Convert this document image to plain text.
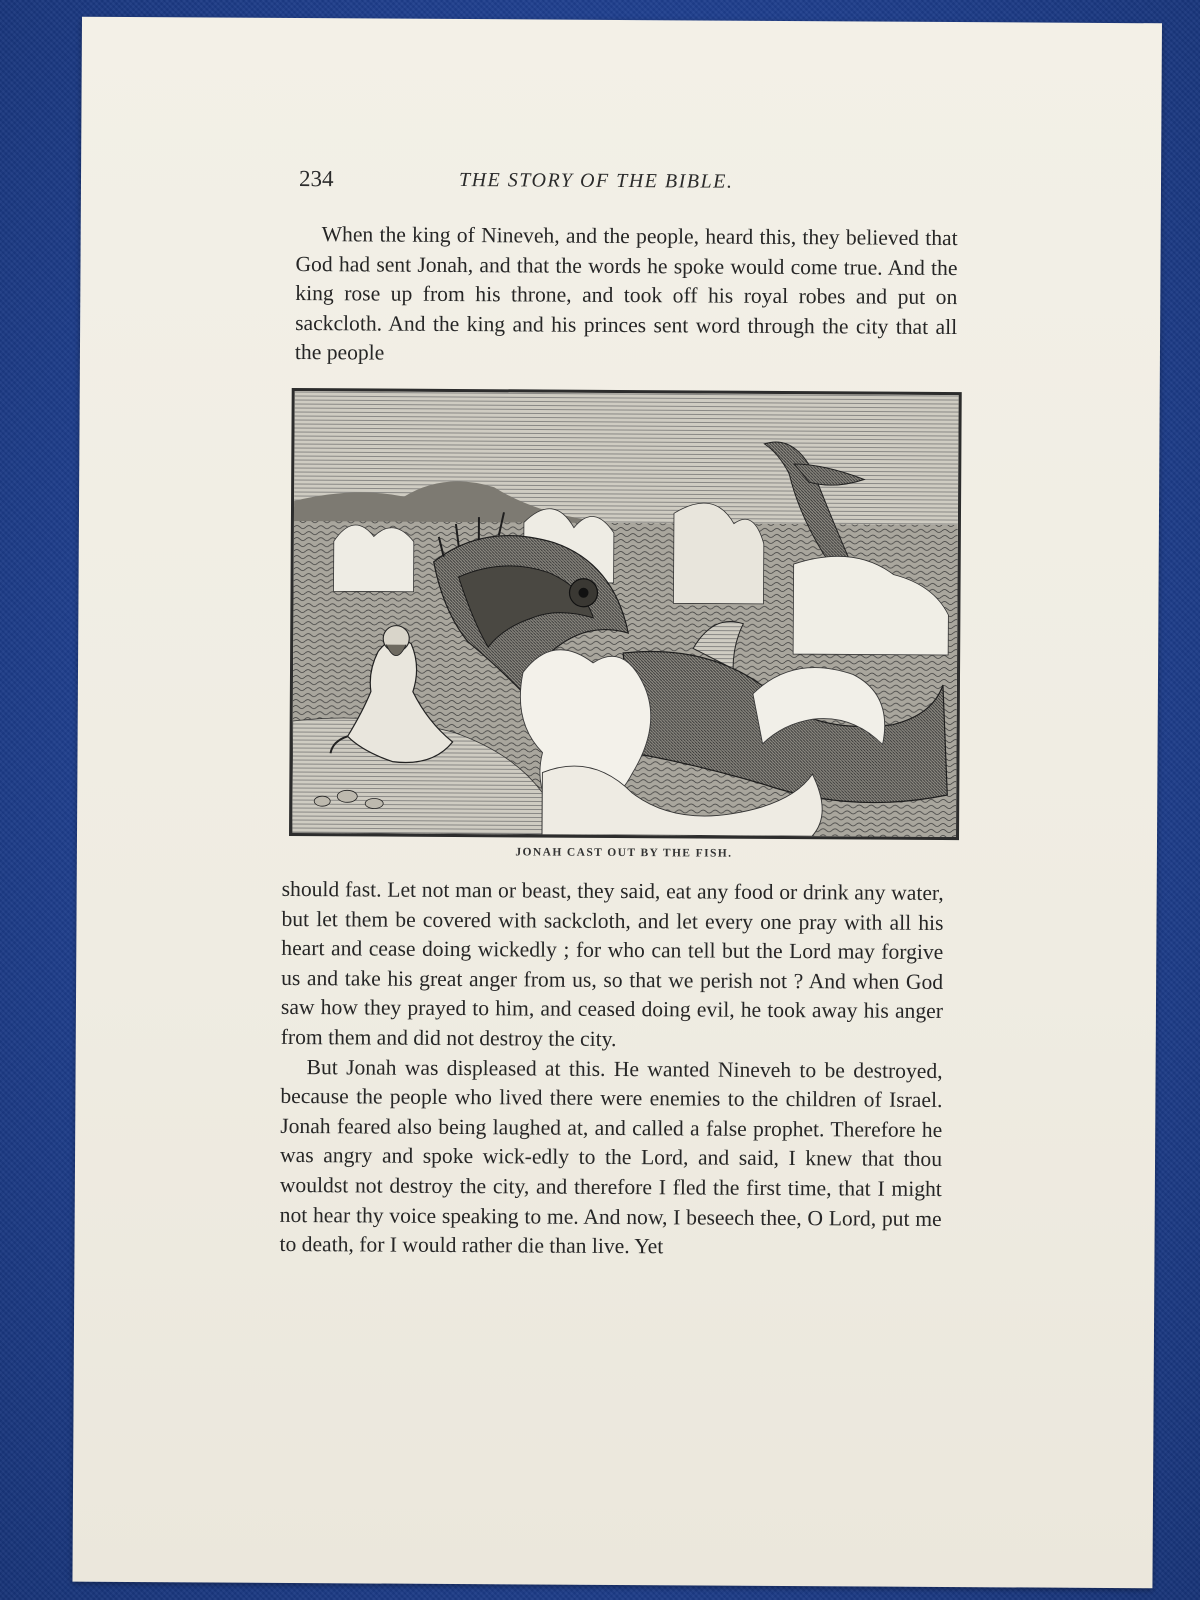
234	THE STORY OF THE BIBLE.

When the king of Nineveh, and the people, heard this, they believed that God had sent Jonah, and that the words he spoke would come true. And the king rose up from his throne, and took off his royal robes and put on sackcloth. And the king and his princes sent word through the city that all the people

JONAH CAST OUT BY THE FISH.

should fast. Let not man or beast, they said, eat any food or drink any water, but let them be covered with sackcloth, and let every one pray with all his heart and cease doing wickedly ; for who can tell but the Lord may forgive us and take his great anger from us, so that we perish not ? And when God saw how they prayed to him, and ceased doing evil, he took away his anger from them and did not destroy the city.

But Jonah was displeased at this. He wanted Nineveh to be destroyed, because the people who lived there were enemies to the children of Israel. Jonah feared also being laughed at, and called a false prophet. Therefore he was angry and spoke wick-edly to the Lord, and said, I knew that thou wouldst not destroy the city, and therefore I fled the first time, that I might not hear thy voice speaking to me. And now, I beseech thee, O Lord, put me to death, for I would rather die than live. Yet
